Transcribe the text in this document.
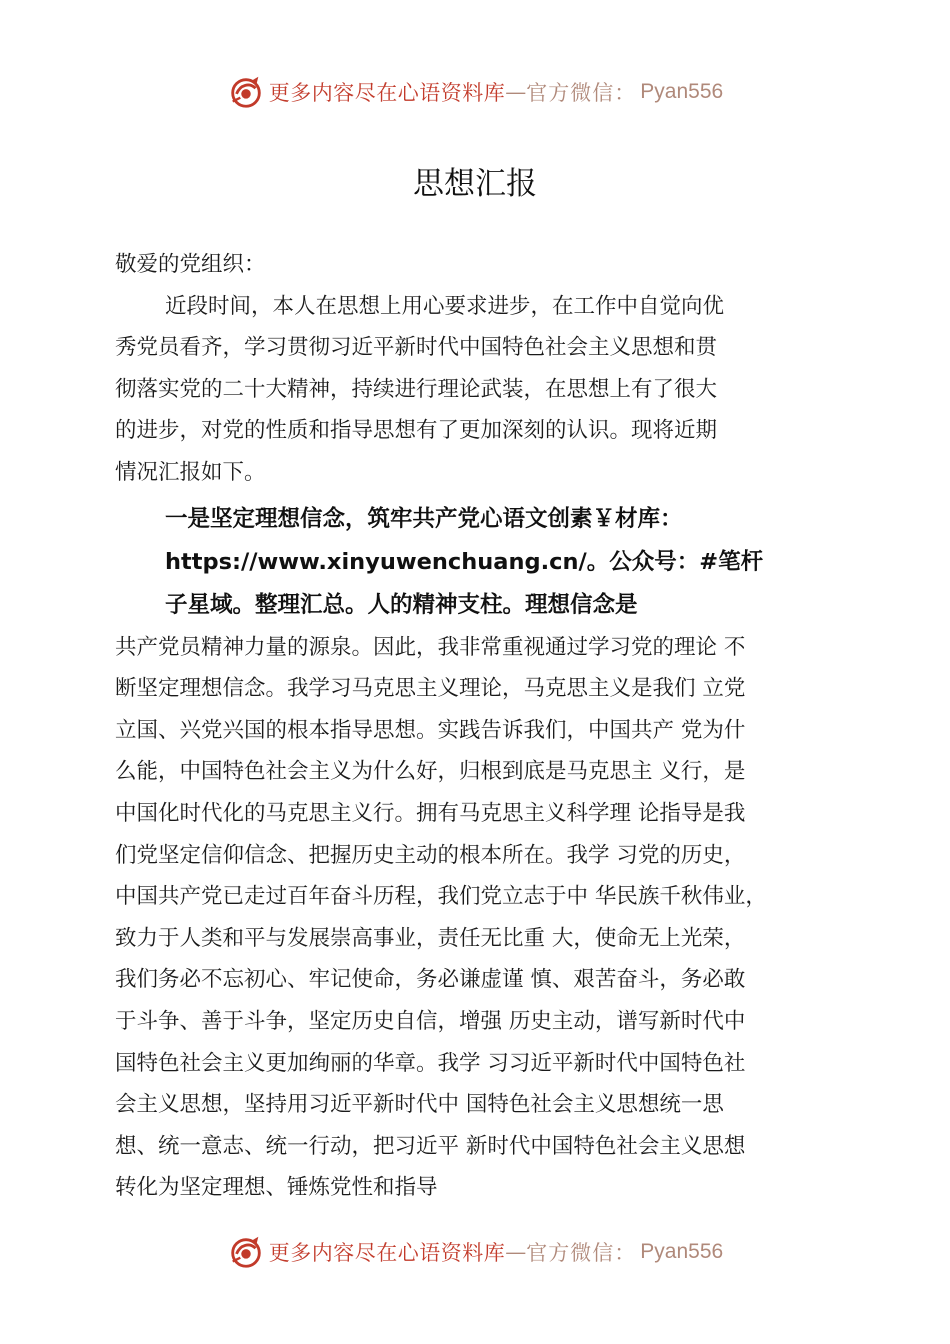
更多内容尽在心语资料库 — 官方微信： Pyan556
思想汇报
敬爱的党组织：
近段时间，本人在思想上用心要求进步，在工作中自觉向优
秀党员看齐，学习贯彻习近平新时代中国特色社会主义思想和贯
彻落实党的二十大精神，持续进行理论武装，在思想上有了很大
的进步，对党的性质和指导思想有了更加深刻的认识。现将近期
情况汇报如下。
一是坚定理想信念，筑牢共产党心语文创素￥材库：
https://www.xinyuwenchuang.cn/。公众号：#笔杆
子星域。整理汇总。人的精神支柱。理想信念是
共产党员精神力量的源泉。因此，我非常重视通过学习党的理论 不
断坚定理想信念。我学习马克思主义理论，马克思主义是我们 立党
立国、兴党兴国的根本指导思想。实践告诉我们，中国共产 党为什
么能，中国特色社会主义为什么好，归根到底是马克思主 义行，是
中国化时代化的马克思主义行。拥有马克思主义科学理 论指导是我
们党坚定信仰信念、把握历史主动的根本所在。我学 习党的历史，
中国共产党已走过百年奋斗历程，我们党立志于中 华民族千秋伟业，
致力于人类和平与发展崇高事业，责任无比重 大，使命无上光荣，
我们务必不忘初心、牢记使命，务必谦虚谨 慎、艰苦奋斗，务必敢
于斗争、善于斗争，坚定历史自信，增强 历史主动，谱写新时代中
国特色社会主义更加绚丽的华章。我学 习习近平新时代中国特色社
会主义思想，坚持用习近平新时代中 国特色社会主义思想统一思
想、统一意志、统一行动，把习近平 新时代中国特色社会主义思想
转化为坚定理想、锤炼党性和指导
更多内容尽在心语资料库 — 官方微信： Pyan556
